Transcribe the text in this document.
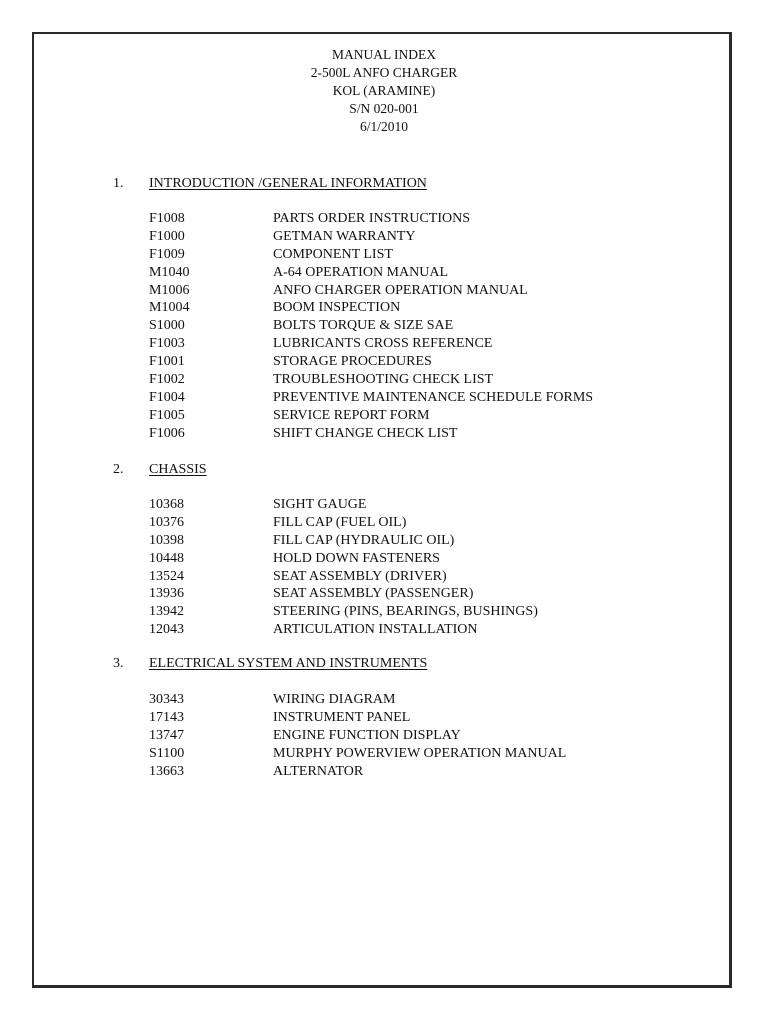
MANUAL INDEX
2-500L ANFO CHARGER
KOL (ARAMINE)
S/N 020-001
6/1/2010
1. INTRODUCTION /GENERAL INFORMATION
F1008	PARTS ORDER INSTRUCTIONS
F1000	GETMAN WARRANTY
F1009	COMPONENT LIST
M1040	A-64 OPERATION MANUAL
M1006	ANFO CHARGER OPERATION MANUAL
M1004	BOOM INSPECTION
S1000	BOLTS TORQUE & SIZE SAE
F1003	LUBRICANTS CROSS REFERENCE
F1001	STORAGE PROCEDURES
F1002	TROUBLESHOOTING CHECK LIST
F1004	PREVENTIVE MAINTENANCE SCHEDULE FORMS
F1005	SERVICE REPORT FORM
F1006	SHIFT CHANGE CHECK LIST
2. CHASSIS
10368	SIGHT GAUGE
10376	FILL CAP (FUEL OIL)
10398	FILL CAP (HYDRAULIC OIL)
10448	HOLD DOWN FASTENERS
13524	SEAT ASSEMBLY (DRIVER)
13936	SEAT ASSEMBLY (PASSENGER)
13942	STEERING (PINS, BEARINGS, BUSHINGS)
12043	ARTICULATION INSTALLATION
3. ELECTRICAL SYSTEM AND INSTRUMENTS
30343	WIRING DIAGRAM
17143	INSTRUMENT PANEL
13747	ENGINE FUNCTION DISPLAY
S1100	MURPHY POWERVIEW OPERATION MANUAL
13663	ALTERNATOR
